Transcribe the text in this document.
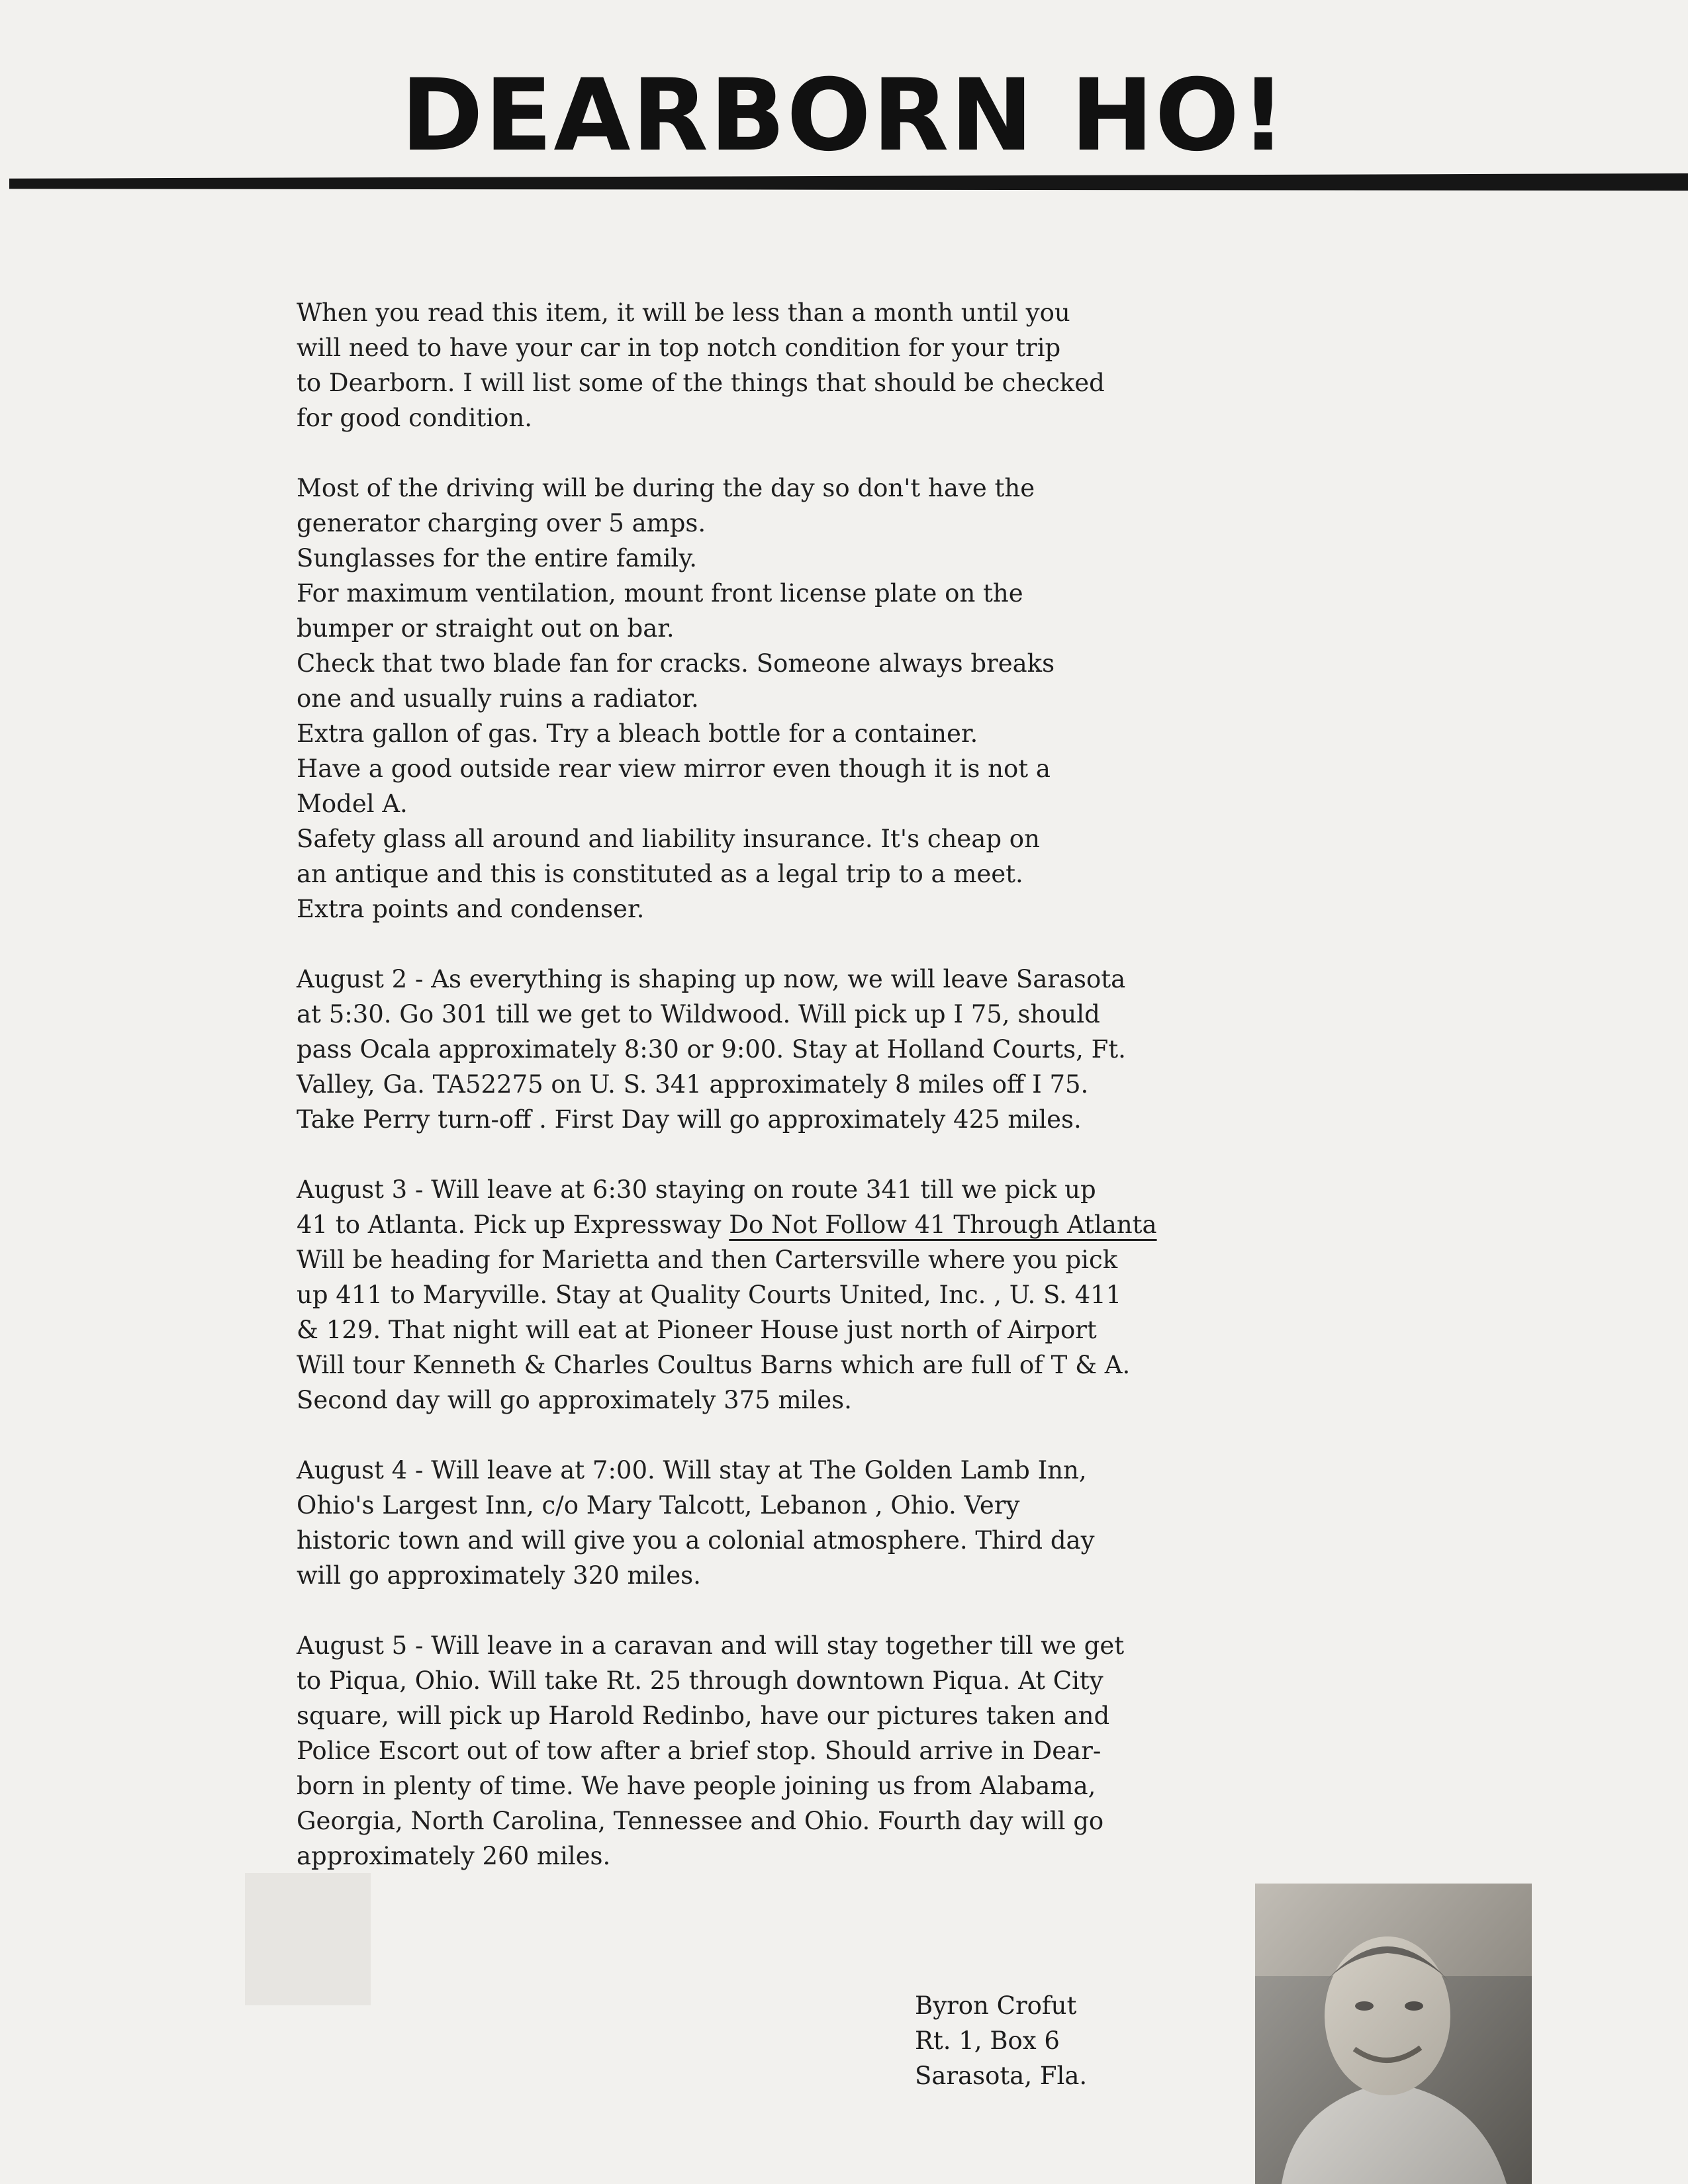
DEARBORN HO!
When you read this item, it will be less than a month until you
will need to have your car in top notch condition for your trip
to Dearborn. I will list some of the things that should be checked
for good condition.
Most of the driving will be during the day so don't have the
generator charging over 5 amps.
Sunglasses for the entire family.
For maximum ventilation, mount front license plate on the
bumper or straight out on bar.
Check that two blade fan for cracks. Someone always breaks
one and usually ruins a radiator.
Extra gallon of gas. Try a bleach bottle for a container.
Have a good outside rear view mirror even though it is not a
Model A.
Safety glass all around and liability insurance. It's cheap on
an antique and this is constituted as a legal trip to a meet.
Extra points and condenser.
August 2 - As everything is shaping up now, we will leave Sarasota
at 5:30. Go 301 till we get to Wildwood. Will pick up I 75, should
pass Ocala approximately 8:30 or 9:00. Stay at Holland Courts, Ft.
Valley, Ga. TA52275 on U. S. 341 approximately 8 miles off I 75.
Take Perry turn-off . First Day will go approximately 425 miles.
August 3 - Will leave at 6:30 staying on route 341 till we pick up
41 to Atlanta. Pick up Expressway Do Not Follow 41 Through Atlanta
Will be heading for Marietta and then Cartersville where you pick
up 411 to Maryville. Stay at Quality Courts United, Inc. , U. S. 411
& 129. That night will eat at Pioneer House just north of Airport
Will tour Kenneth & Charles Coultus Barns which are full of T & A.
Second day will go approximately 375 miles.
August 4 - Will leave at 7:00. Will stay at The Golden Lamb Inn,
Ohio's Largest Inn, c/o Mary Talcott, Lebanon , Ohio. Very
historic town and will give you a colonial atmosphere. Third day
will go approximately 320 miles.
August 5 - Will leave in a caravan and will stay together till we get
to Piqua, Ohio. Will take Rt. 25 through downtown Piqua. At City
square, will pick up Harold Redinbo, have our pictures taken and
Police Escort out of tow after a brief stop. Should arrive in Dear-
born in plenty of time. We have people joining us from Alabama,
Georgia, North Carolina, Tennessee and Ohio. Fourth day will go
approximately 260 miles.
Byron Crofut
Rt. 1, Box 6
Sarasota, Fla.
